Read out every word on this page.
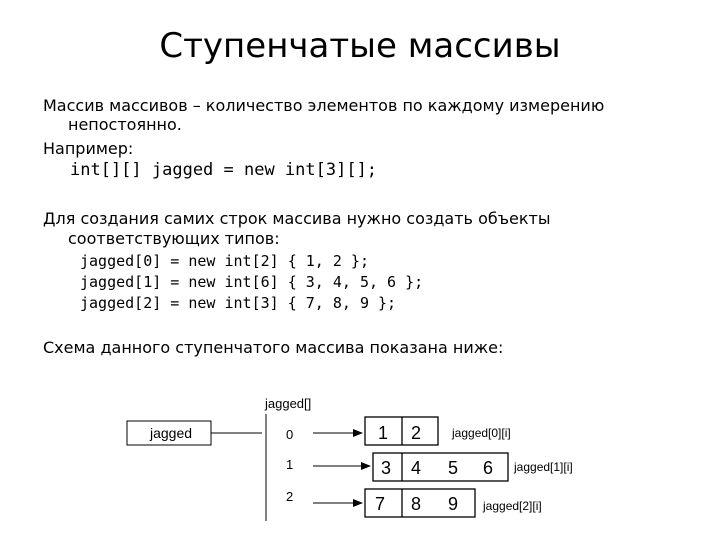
Ступенчатые массивы
Массив массивов – количество элементов по каждому измерению
непостоянно.
Например:
int[][] jagged = new int[3][];
Для создания самих строк массива нужно создать объекты
соответствующих типов:
jagged[0] = new int[2] { 1, 2 };
jagged[1] = new int[6] { 3, 4, 5, 6 };
jagged[2] = new int[3] { 7, 8, 9 };
Схема данного ступенчатого массива показана ниже:
jagged
jagged[]
0
1
2
1 2	jagged[0][i]
3 4 5 6 jagged[1][i]
7 8 9 jagged[2][i]
